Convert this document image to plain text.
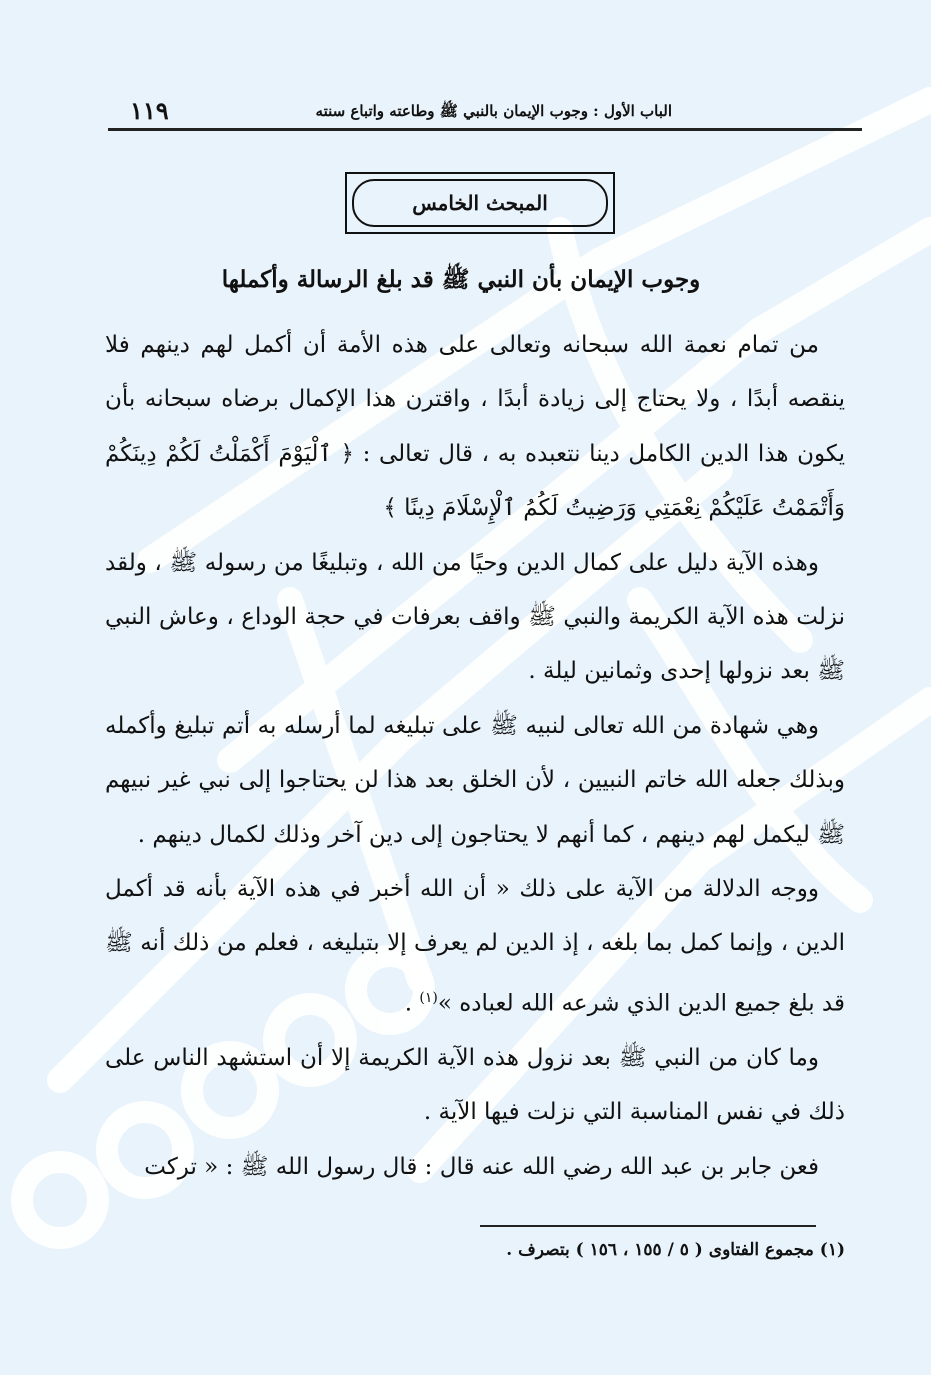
الباب الأول : وجوب الإيمان بالنبي ﷺ وطاعته واتباع سنته
١١٩
المبحث الخامس
وجوب الإيمان بأن النبي ﷺ قد بلغ الرسالة وأكملها

من تمام نعمة الله سبحانه وتعالى على هذه الأمة أن أكمل لهم دينهم فلا ينقصه أبدًا ، ولا يحتاج إلى زيادة أبدًا ، واقترن هذا الإكمال برضاه سبحانه بأن يكون هذا الدين الكامل دينا نتعبده به ، قال تعالى : ﴿ ٱلْيَوْمَ أَكْمَلْتُ لَكُمْ دِينَكُمْ وَأَتْمَمْتُ عَلَيْكُمْ نِعْمَتِي وَرَضِيتُ لَكُمُ ٱلْإِسْلَامَ دِينًا ﴾

وهذه الآية دليل على كمال الدين وحيًا من الله ، وتبليغًا من رسوله ﷺ ، ولقد نزلت هذه الآية الكريمة والنبي ﷺ واقف بعرفات في حجة الوداع ، وعاش النبي ﷺ بعد نزولها إحدى وثمانين ليلة .

وهي شهادة من الله تعالى لنبيه ﷺ على تبليغه لما أرسله به أتم تبليغ وأكمله وبذلك جعله الله خاتم النبيين ، لأن الخلق بعد هذا لن يحتاجوا إلى نبي غير نبيهم ﷺ ليكمل لهم دينهم ، كما أنهم لا يحتاجون إلى دين آخر وذلك لكمال دينهم .

ووجه الدلالة من الآية على ذلك « أن الله أخبر في هذه الآية بأنه قد أكمل الدين ، وإنما كمل بما بلغه ، إذ الدين لم يعرف إلا بتبليغه ، فعلم من ذلك أنه ﷺ قد بلغ جميع الدين الذي شرعه الله لعباده »$^{(١)}$ .

وما كان من النبي ﷺ بعد نزول هذه الآية الكريمة إلا أن استشهد الناس على ذلك في نفس المناسبة التي نزلت فيها الآية .

فعن جابر بن عبد الله رضي الله عنه قال : قال رسول الله ﷺ : « تركت

(١) مجموع الفتاوى ( ٥ / ١٥٥ ، ١٥٦ ) بتصرف .
